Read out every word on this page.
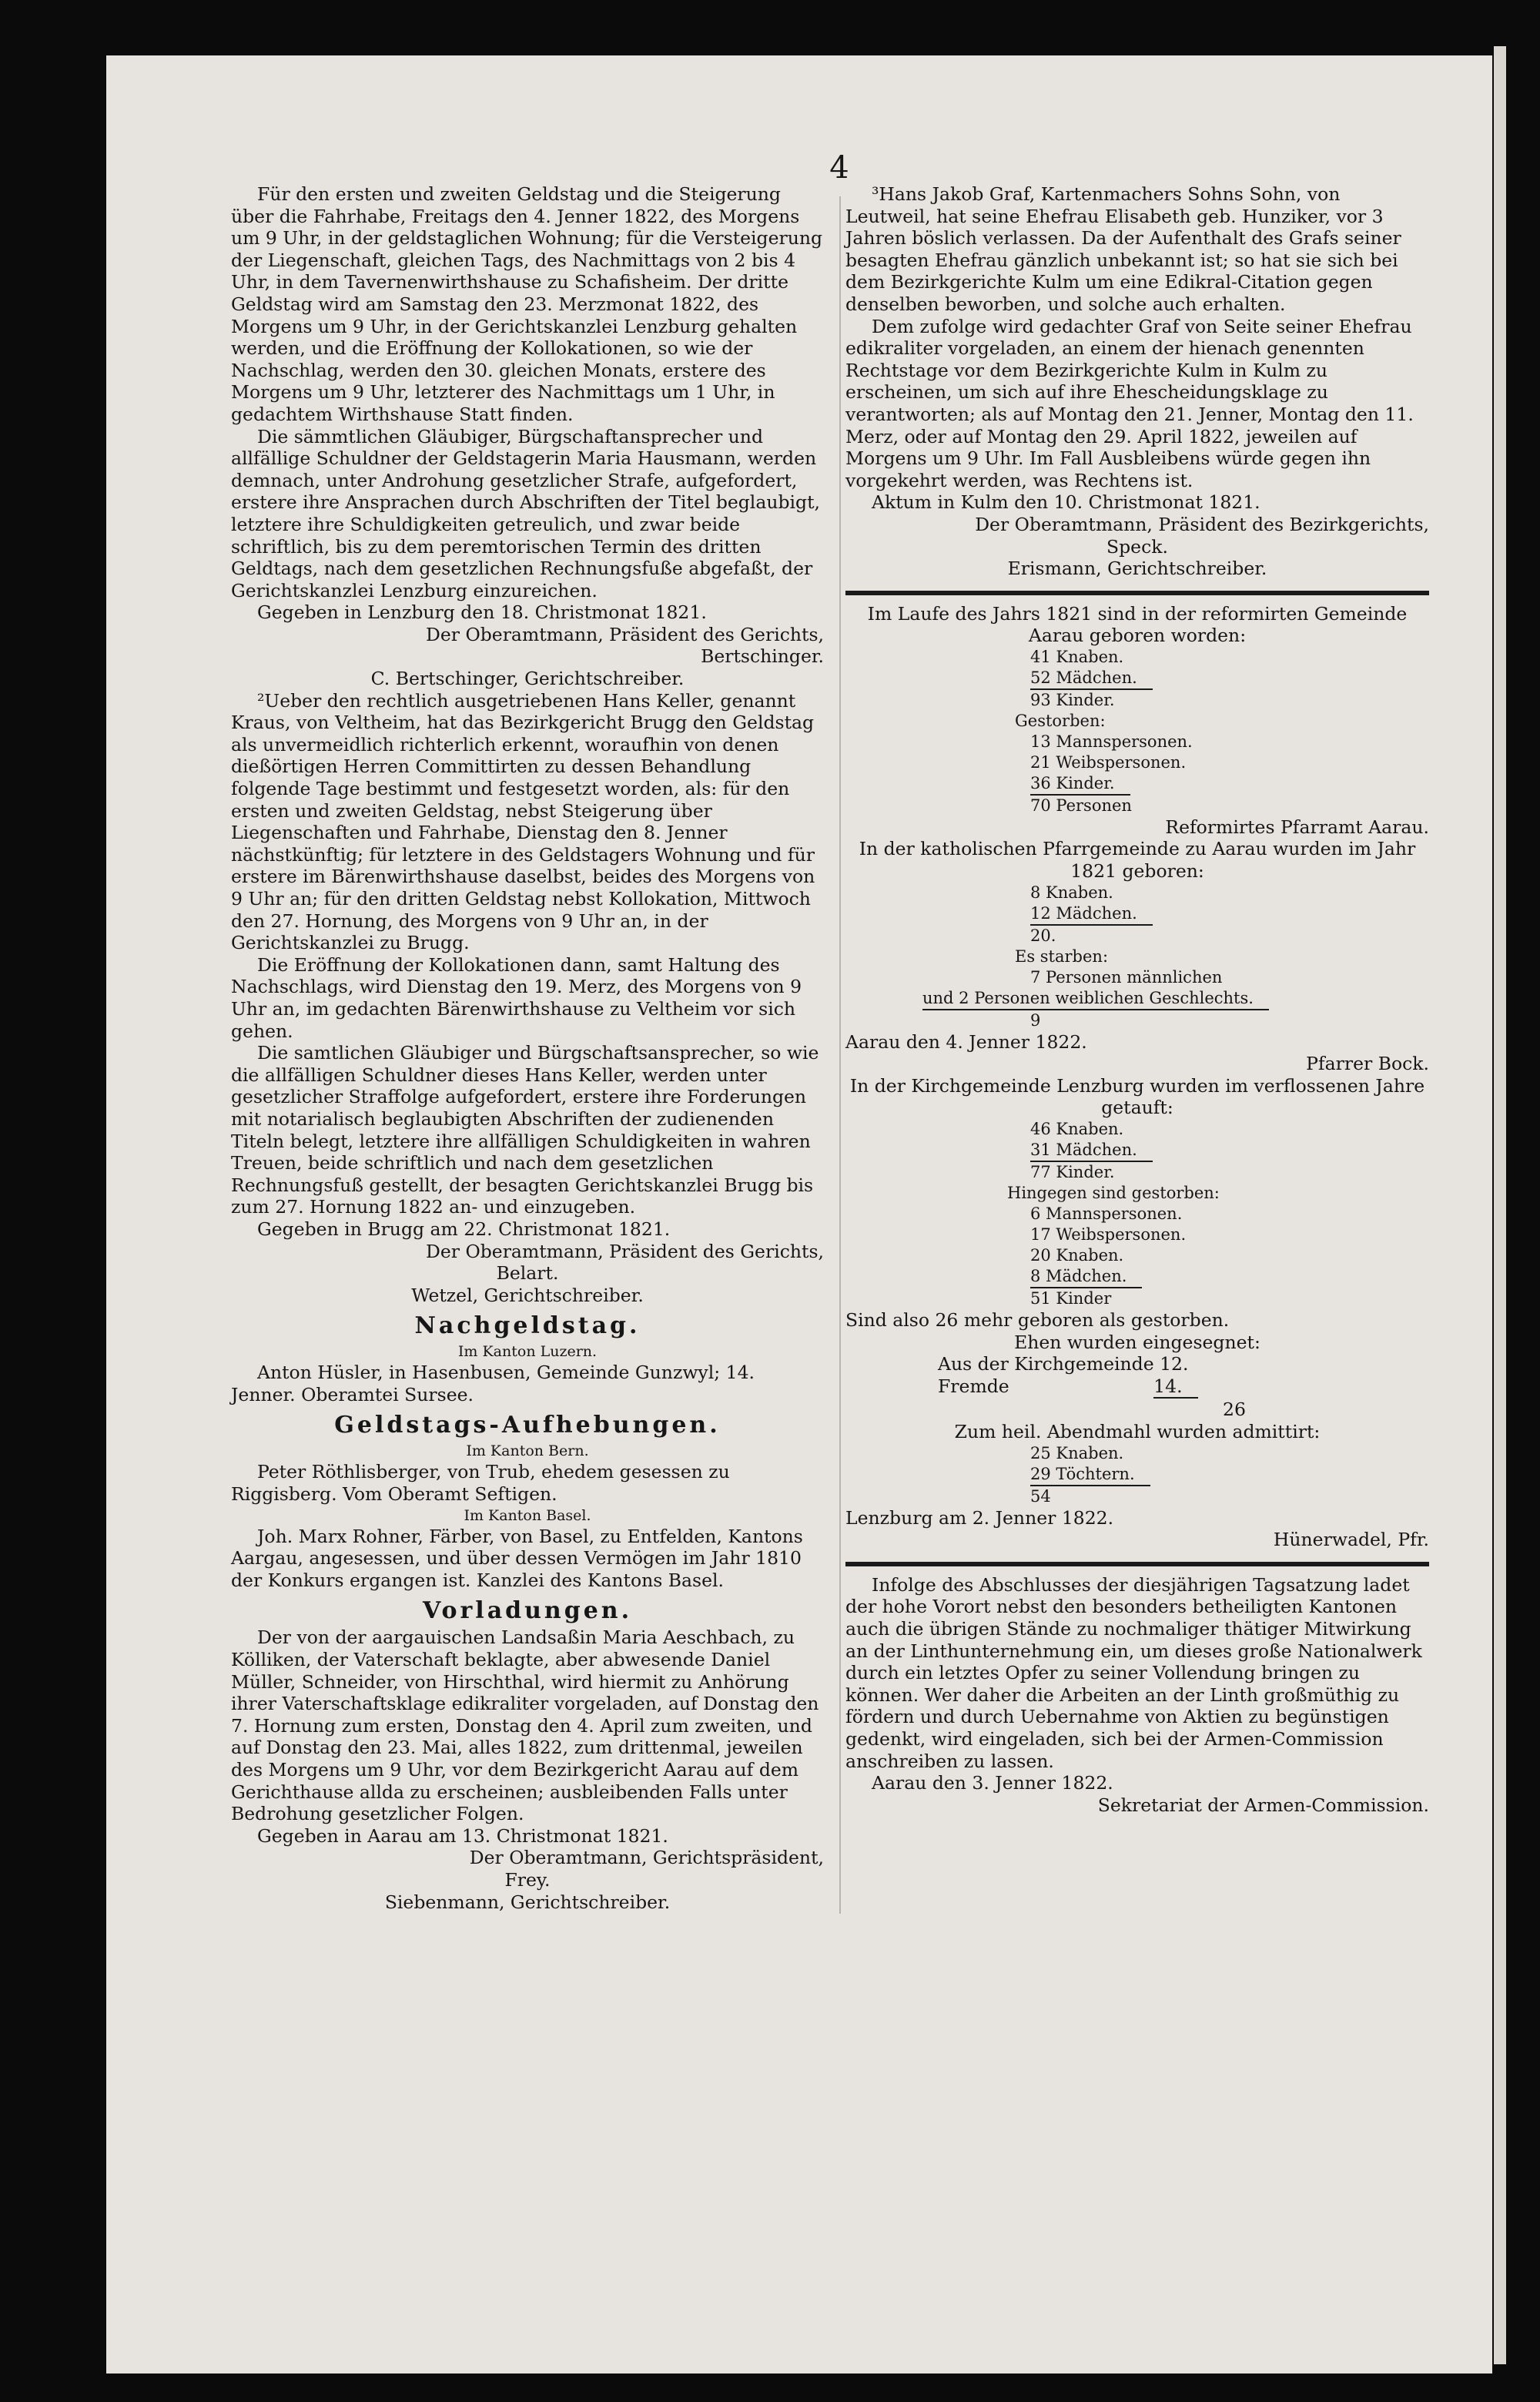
4

Für den ersten und zweiten Geldstag und die Steigerung über die Fahrhabe, Freitags den 4. Jenner 1822, des Morgens um 9 Uhr, in der geldstaglichen Wohnung; für die Versteigerung der Liegenschaft, gleichen Tags, des Nachmittags von 2 bis 4 Uhr, in dem Tavernenwirthshause zu Schafisheim. Der dritte Geldstag wird am Samstag den 23. Merzmonat 1822, des Morgens um 9 Uhr, in der Gerichtskanzlei Lenzburg gehalten werden, und die Eröffnung der Kollokationen, so wie der Nachschlag, werden den 30. gleichen Monats, erstere des Morgens um 9 Uhr, letzterer des Nachmittags um 1 Uhr, in gedachtem Wirthshause Statt finden.

Die sämmtlichen Gläubiger, Bürgschaftansprecher und allfällige Schuldner der Geldstagerin Maria Hausmann, werden demnach, unter Androhung gesetzlicher Strafe, aufgefordert, erstere ihre Ansprachen durch Abschriften der Titel beglaubigt, letztere ihre Schuldigkeiten getreulich, und zwar beide schriftlich, bis zu dem peremtorischen Termin des dritten Geldtags, nach dem gesetzlichen Rechnungsfuße abgefaßt, der Gerichtskanzlei Lenzburg einzureichen.

Gegeben in Lenzburg den 18. Christmonat 1821.

Der Oberamtmann, Präsident des Gerichts,
Bertschinger.
C. Bertschinger, Gerichtschreiber.

²Ueber den rechtlich ausgetriebenen Hans Keller, genannt Kraus, von Veltheim, hat das Bezirkgericht Brugg den Geldstag als unvermeidlich richterlich erkennt, woraufhin von denen dießörtigen Herren Committirten zu dessen Behandlung folgende Tage bestimmt und festgesetzt worden, als: für den ersten und zweiten Geldstag, nebst Steigerung über Liegenschaften und Fahrhabe, Dienstag den 8. Jenner nächstkünftig; für letztere in des Geldstagers Wohnung und für erstere im Bärenwirthshause daselbst, beides des Morgens von 9 Uhr an; für den dritten Geldstag nebst Kollokation, Mittwoch den 27. Hornung, des Morgens von 9 Uhr an, in der Gerichtskanzlei zu Brugg.

Die Eröffnung der Kollokationen dann, samt Haltung des Nachschlags, wird Dienstag den 19. Merz, des Morgens von 9 Uhr an, im gedachten Bärenwirthshause zu Veltheim vor sich gehen.

Die samtlichen Gläubiger und Bürgschaftsansprecher, so wie die allfälligen Schuldner dieses Hans Keller, werden unter gesetzlicher Straffolge aufgefordert, erstere ihre Forderungen mit notarialisch beglaubigten Abschriften der zudienenden Titeln belegt, letztere ihre allfälligen Schuldigkeiten in wahren Treuen, beide schriftlich und nach dem gesetzlichen Rechnungsfuß gestellt, der besagten Gerichtskanzlei Brugg bis zum 27. Hornung 1822 an- und einzugeben.

Gegeben in Brugg am 22. Christmonat 1821.

Der Oberamtmann, Präsident des Gerichts,
Belart.
Wetzel, Gerichtschreiber.
Nachgeldstag.
Im Kanton Luzern.

Anton Hüsler, in Hasenbusen, Gemeinde Gunzwyl; 14. Jenner. Oberamtei Sursee.

Geldstags-Aufhebungen.
Im Kanton Bern.

Peter Röthlisberger, von Trub, ehedem gesessen zu Riggisberg. Vom Oberamt Seftigen.

Im Kanton Basel.

Joh. Marx Rohner, Färber, von Basel, zu Entfelden, Kantons Aargau, angesessen, und über dessen Vermögen im Jahr 1810 der Konkurs ergangen ist. Kanzlei des Kantons Basel.

Vorladungen.

Der von der aargauischen Landsaßin Maria Aeschbach, zu Kölliken, der Vaterschaft beklagte, aber abwesende Daniel Müller, Schneider, von Hirschthal, wird hiermit zu Anhörung ihrer Vaterschaftsklage edikraliter vorgeladen, auf Donstag den 7. Hornung zum ersten, Donstag den 4. April zum zweiten, und auf Donstag den 23. Mai, alles 1822, zum drittenmal, jeweilen des Morgens um 9 Uhr, vor dem Bezirkgericht Aarau auf dem Gerichthause allda zu erscheinen; ausbleibenden Falls unter Bedrohung gesetzlicher Folgen.

Gegeben in Aarau am 13. Christmonat 1821.

Der Oberamtmann, Gerichtspräsident,
Frey.
Siebenmann, Gerichtschreiber.

³Hans Jakob Graf, Kartenmachers Sohns Sohn, von Leutweil, hat seine Ehefrau Elisabeth geb. Hunziker, vor 3 Jahren böslich verlassen. Da der Aufenthalt des Grafs seiner besagten Ehefrau gänzlich unbekannt ist; so hat sie sich bei dem Bezirkgerichte Kulm um eine Edikral-Citation gegen denselben beworben, und solche auch erhalten.

Dem zufolge wird gedachter Graf von Seite seiner Ehefrau edikraliter vorgeladen, an einem der hienach genennten Rechtstage vor dem Bezirkgerichte Kulm in Kulm zu erscheinen, um sich auf ihre Ehescheidungsklage zu verantworten; als auf Montag den 21. Jenner, Montag den 11. Merz, oder auf Montag den 29. April 1822, jeweilen auf Morgens um 9 Uhr. Im Fall Ausbleibens würde gegen ihn vorgekehrt werden, was Rechtens ist.

Aktum in Kulm den 10. Christmonat 1821.

Der Oberamtmann, Präsident des Bezirkgerichts,
Speck.
Erismann, Gerichtschreiber.

Im Laufe des Jahrs 1821 sind in der reformirten Gemeinde Aarau geboren worden:

41 Knaben.
52 Mädchen.
93 Kinder.
Gestorben:
13 Mannspersonen.
21 Weibspersonen.
36 Kinder.
70 Personen
Reformirtes Pfarramt Aarau.

In der katholischen Pfarrgemeinde zu Aarau wurden im Jahr 1821 geboren:

8 Knaben.
12 Mädchen.
20.
Es starben:
7 Personen männlichen
und 2 Personen weiblichen Geschlechts.
9
Aarau den 4. Jenner 1822.
Pfarrer Bock.

In der Kirchgemeinde Lenzburg wurden im verflossenen Jahre getauft:

46 Knaben.
31 Mädchen.
77 Kinder.
Hingegen sind gestorben:
6 Mannspersonen.
17 Weibspersonen.
20 Knaben.
8 Mädchen.
51 Kinder
Sind also 26 mehr geboren als gestorben.
Ehen wurden eingesegnet:
Aus der Kirchgemeinde 12.
Fremde	14.
26
Zum heil. Abendmahl wurden admittirt:
25 Knaben.
29 Töchtern.
54
Lenzburg am 2. Jenner 1822.
Hünerwadel, Pfr.

Infolge des Abschlusses der diesjährigen Tagsatzung ladet der hohe Vorort nebst den besonders betheiligten Kantonen auch die übrigen Stände zu nochmaliger thätiger Mitwirkung an der Linthunternehmung ein, um dieses große Nationalwerk durch ein letztes Opfer zu seiner Vollendung bringen zu können. Wer daher die Arbeiten an der Linth großmüthig zu fördern und durch Uebernahme von Aktien zu begünstigen gedenkt, wird eingeladen, sich bei der Armen-Commission anschreiben zu lassen.

Aarau den 3. Jenner 1822.

Sekretariat der Armen-Commission.
